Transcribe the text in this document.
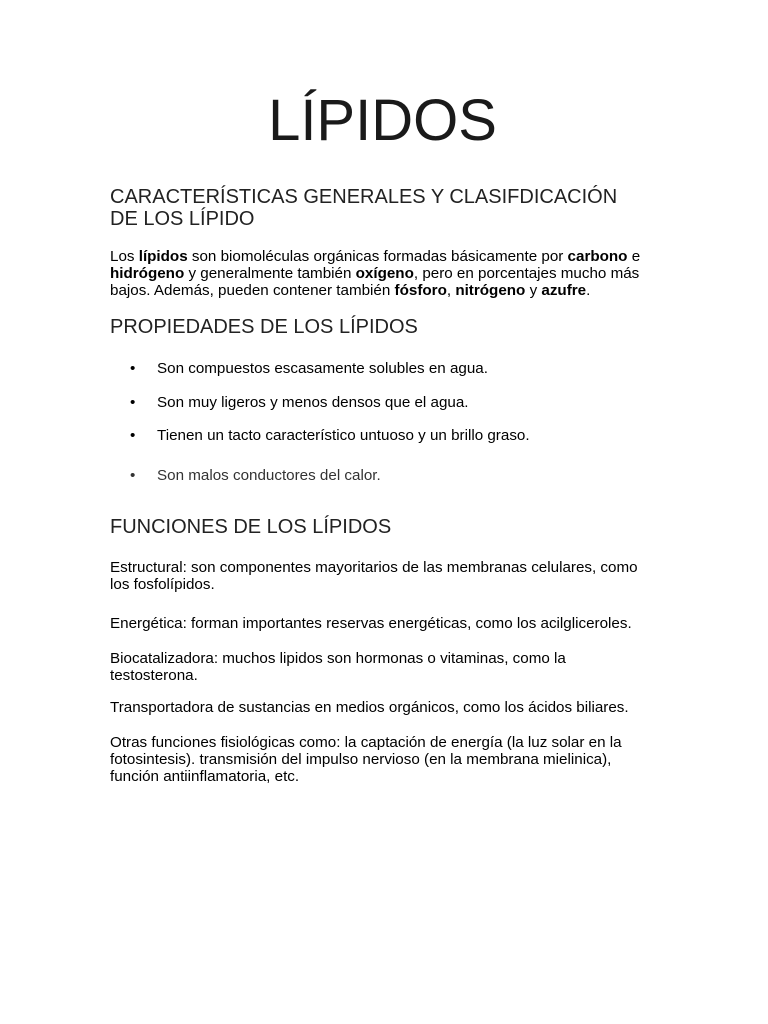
LÍPIDOS
CARACTERÍSTICAS GENERALES Y CLASIFDICACIÓN
DE LOS LÍPIDO

Los lípidos son biomoléculas orgánicas formadas básicamente por carbono e hidrógeno y generalmente también oxígeno, pero en porcentajes mucho más bajos. Además, pueden contener también fósforo, nitrógeno y azufre.

PROPIEDADES DE LOS LÍPIDOS
• Son compuestos escasamente solubles en agua.
• Son muy ligeros y menos densos que el agua.
• Tienen un tacto característico untuoso y un brillo graso.
• Son malos conductores del calor.
FUNCIONES DE LOS LÍPIDOS

Estructural: son componentes mayoritarios de las membranas celulares, como los fosfolípidos.

Energética: forman importantes reservas energéticas, como los acilgliceroles.

Biocatalizadora: muchos lipidos son hormonas o vitaminas, como la testosterona.

Transportadora de sustancias en medios orgánicos, como los ácidos biliares.

Otras funciones fisiológicas como: la captación de energía (la luz solar en la fotosintesis). transmisión del impulso nervioso (en la membrana mielinica), función antiinflamatoria, etc.
